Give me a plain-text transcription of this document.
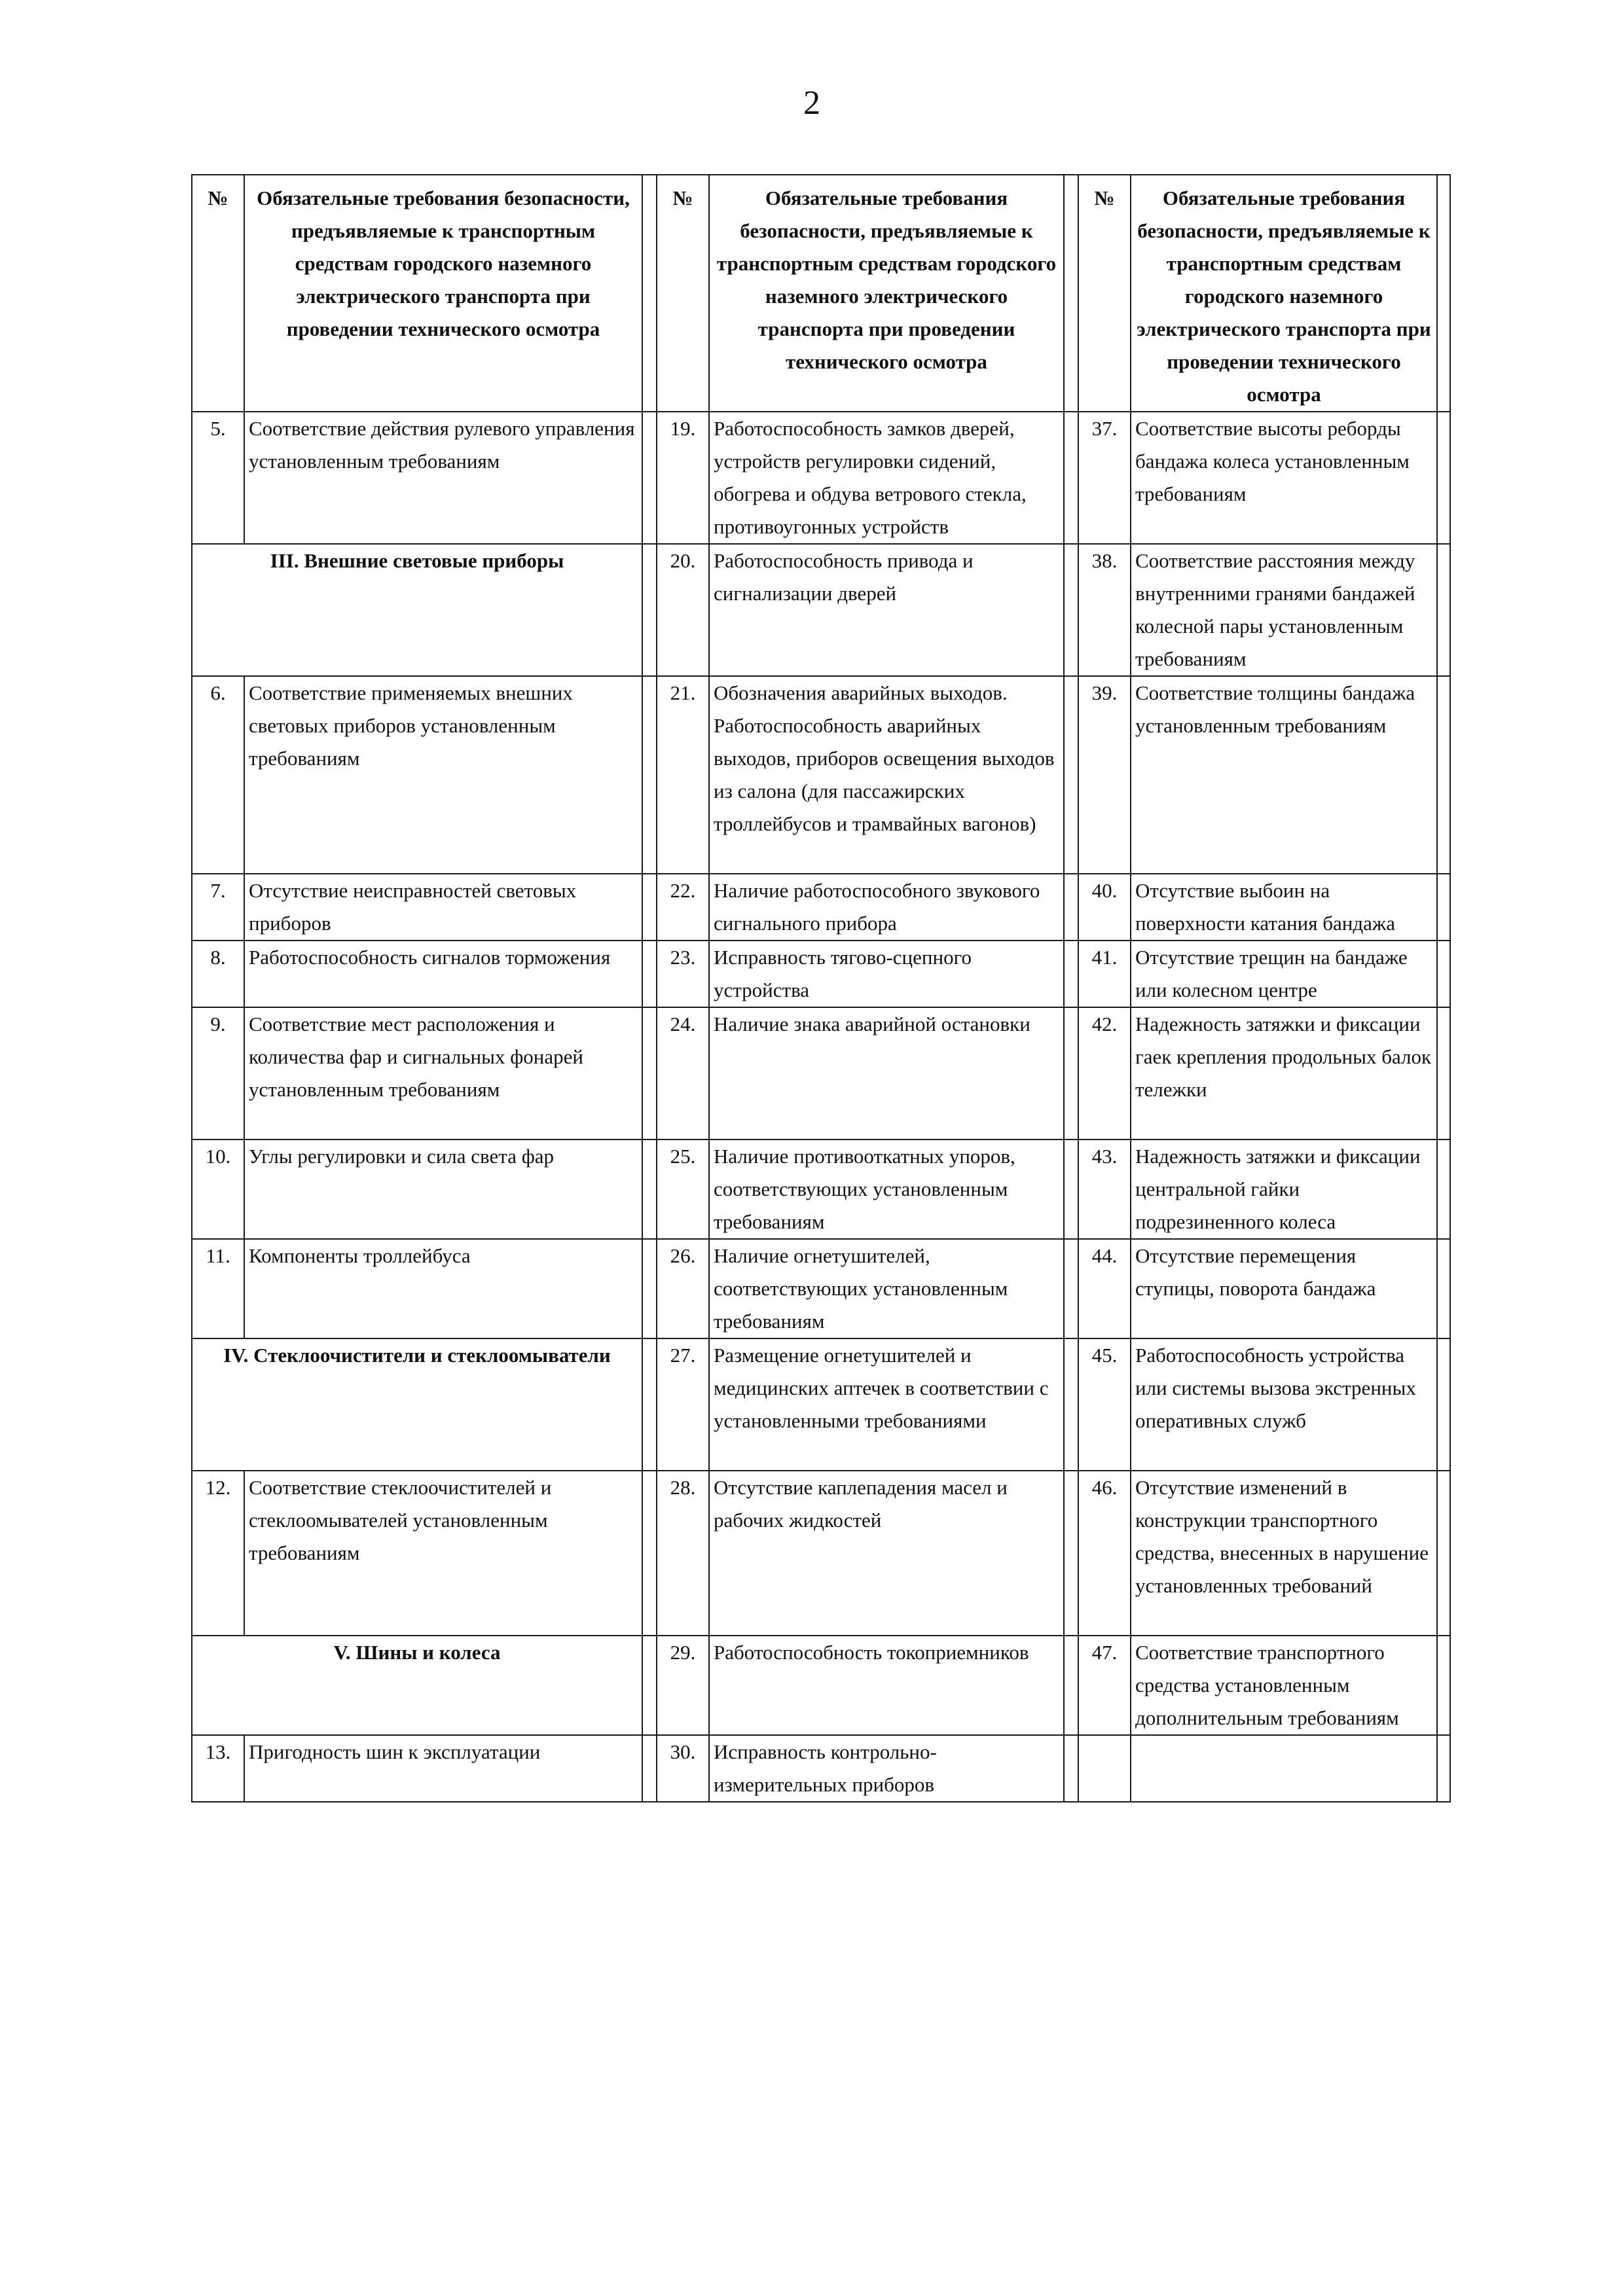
2
№	Обязательные требования безопасности, предъявляемые к транспортным средствам городского наземного электрического транспорта при проведении технического осмотра		№	Обязательные требования безопасности, предъявляемые к транспортным средствам городского наземного электрического транспорта при проведении технического осмотра		№	Обязательные требования безопасности, предъявляемые к транспортным средствам городского наземного электрического транспорта при проведении технического осмотра	
5.	Соответствие действия рулевого управления установленным требованиям		19.	Работоспособность замков дверей, устройств регулировки сидений, обогрева и обдува ветрового стекла, противоугонных устройств		37.	Соответствие высоты реборды бандажа колеса установленным требованиям	
III. Внешние световые приборы			20.	Работоспособность привода и сигнализации дверей		38.	Соответствие расстояния между внутренними гранями бандажей колесной пары установленным требованиям	
6.	Соответствие применяемых внешних световых приборов установленным требованиям		21.	Обозначения аварийных выходов. Работоспособность аварийных выходов, приборов освещения выходов из салона (для пассажирских троллейбусов и трамвайных вагонов)		39.	Соответствие толщины бандажа установленным требованиям	
7.	Отсутствие неисправностей световых приборов		22.	Наличие работоспособного звукового сигнального прибора		40.	Отсутствие выбоин на поверхности катания бандажа	
8.	Работоспособность сигналов торможения		23.	Исправность тягово-сцепного устройства		41.	Отсутствие трещин на бандаже или колесном центре	
9.	Соответствие мест расположения и количества фар и сигнальных фонарей установленным требованиям		24.	Наличие знака аварийной остановки		42.	Надежность затяжки и фиксации гаек крепления продольных балок тележки	
10.	Углы регулировки и сила света фар		25.	Наличие противооткатных упоров, соответствующих установленным требованиям		43.	Надежность затяжки и фиксации центральной гайки подрезиненного колеса	
11.	Компоненты троллейбуса		26.	Наличие огнетушителей, соответствующих установленным требованиям		44.	Отсутствие перемещения ступицы, поворота бандажа	
IV. Стеклоочистители и стеклоомыватели			27.	Размещение огнетушителей и медицинских аптечек в соответствии с установленными требованиями		45.	Работоспособность устройства или системы вызова экстренных оперативных служб	
12.	Соответствие стеклоочистителей и стеклоомывателей установленным требованиям		28.	Отсутствие каплепадения масел и рабочих жидкостей		46.	Отсутствие изменений в конструкции транспортного средства, внесенных в нарушение установленных требований	
V. Шины и колеса			29.	Работоспособность токоприемников		47.	Соответствие транспортного средства установленным дополнительным требованиям	
13.	Пригодность шин к эксплуатации		30.	Исправность контрольно-измерительных приборов				
